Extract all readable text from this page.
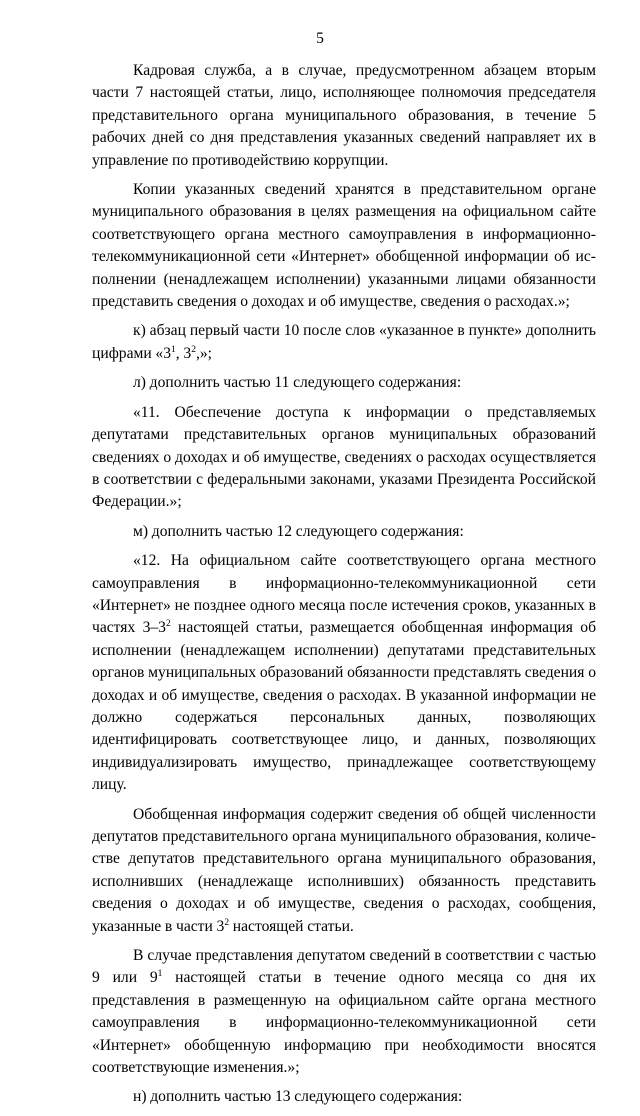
5

Кадровая служба, а в случае, предусмотренном абзацем вторым части 7 настоящей статьи, лицо, исполняющее полномочия председателя представительного органа муниципального образования, в течение 5 рабочих дней со дня представления указанных сведений направляет их в управление по противодействию коррупции.

Копии указанных сведений хранятся в представительном органе муниципального образования в целях размещения на официальном сайте соответствующего органа местного самоуправления в информационно-телекоммуникационной сети «Интернет» обобщенной информации об исполнении (ненадлежащем исполнении) указанными лицами обязанности представить сведения о доходах и об имуществе, сведения о расходах.»;

к) абзац первый части 10 после слов «указанное в пункте» дополнить цифрами «$3^1$, $3^2$,»;

л) дополнить частью 11 следующего содержания:

«11. Обеспечение доступа к информации о представляемых депутатами представительных органов муниципальных образований сведениях о доходах и об имуществе, сведениях о расходах осуществляется в соответствии с федеральными законами, указами Президента Российской Федерации.»;

м) дополнить частью 12 следующего содержания:

«12. На официальном сайте соответствующего органа местного самоуправления в информационно-телекоммуникационной сети «Интернет» не позднее одного месяца после истечения сроков, указанных в частях $3-3^2$ настоящей статьи, размещается обобщенная информация об исполнении (ненадлежащем исполнении) депутатами представительных органов муниципальных образований обязанности представлять сведения о доходах и об имуществе, сведения о расходах. В указанной информации не должно содержаться персональных данных, позволяющих идентифицировать соответствующее лицо, и данных, позволяющих индивидуализировать имущество, принадлежащее соответствующему лицу.

Обобщенная информация содержит сведения об общей численности депутатов представительного органа муниципального образования, количестве депутатов представительного органа муниципального образования, исполнивших (ненадлежаще исполнивших) обязанность представить сведения о доходах и об имуществе, сведения о расходах, сообщения, указанные в части $3^2$ настоящей статьи.

В случае представления депутатом сведений в соответствии с частью 9 или $9^1$ настоящей статьи в течение одного месяца со дня их представления в размещенную на официальном сайте органа местного самоуправления в информационно-телекоммуникационной сети «Интернет» обобщенную информацию при необходимости вносятся соответствующие изменения.»;

н) дополнить частью 13 следующего содержания:
